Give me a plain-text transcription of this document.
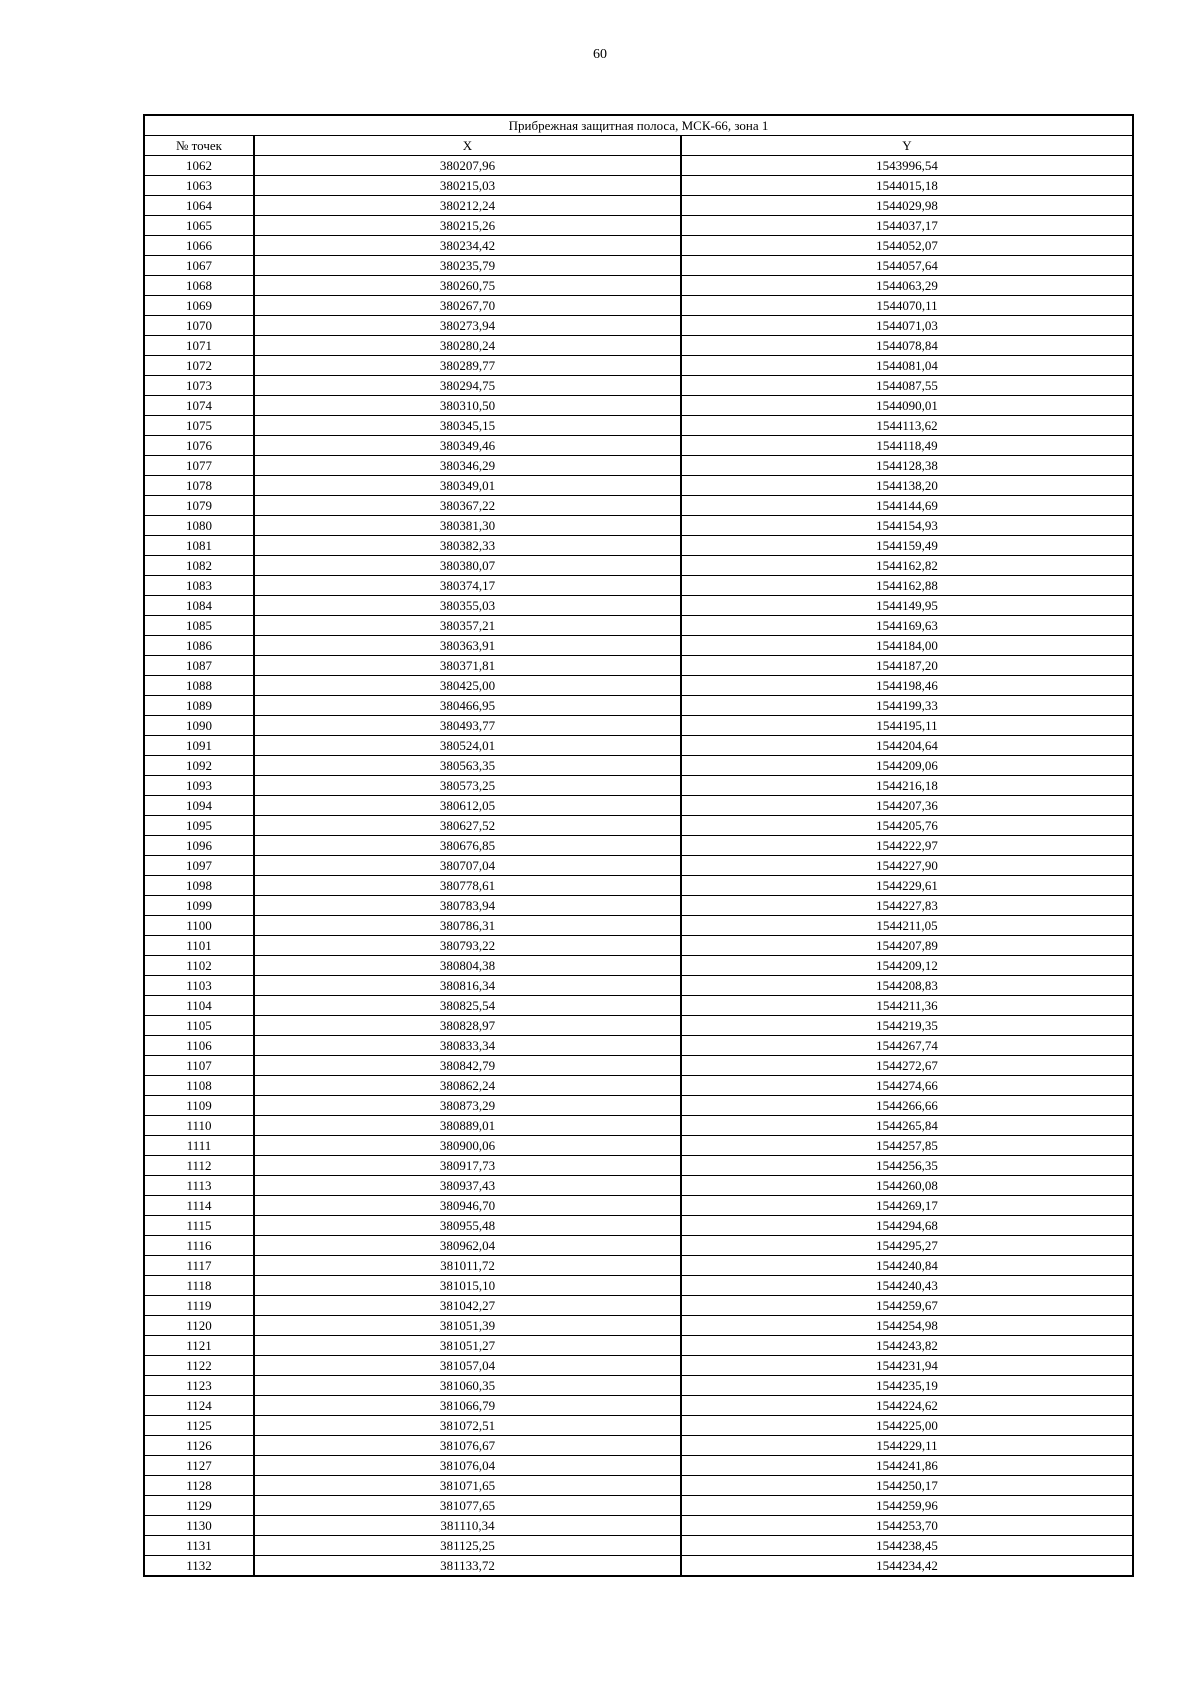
60
Прибрежная защитная полоса, МСК-66, зона 1		
№ точек	X	Y
1062	380207,96	1543996,54
1063	380215,03	1544015,18
1064	380212,24	1544029,98
1065	380215,26	1544037,17
1066	380234,42	1544052,07
1067	380235,79	1544057,64
1068	380260,75	1544063,29
1069	380267,70	1544070,11
1070	380273,94	1544071,03
1071	380280,24	1544078,84
1072	380289,77	1544081,04
1073	380294,75	1544087,55
1074	380310,50	1544090,01
1075	380345,15	1544113,62
1076	380349,46	1544118,49
1077	380346,29	1544128,38
1078	380349,01	1544138,20
1079	380367,22	1544144,69
1080	380381,30	1544154,93
1081	380382,33	1544159,49
1082	380380,07	1544162,82
1083	380374,17	1544162,88
1084	380355,03	1544149,95
1085	380357,21	1544169,63
1086	380363,91	1544184,00
1087	380371,81	1544187,20
1088	380425,00	1544198,46
1089	380466,95	1544199,33
1090	380493,77	1544195,11
1091	380524,01	1544204,64
1092	380563,35	1544209,06
1093	380573,25	1544216,18
1094	380612,05	1544207,36
1095	380627,52	1544205,76
1096	380676,85	1544222,97
1097	380707,04	1544227,90
1098	380778,61	1544229,61
1099	380783,94	1544227,83
1100	380786,31	1544211,05
1101	380793,22	1544207,89
1102	380804,38	1544209,12
1103	380816,34	1544208,83
1104	380825,54	1544211,36
1105	380828,97	1544219,35
1106	380833,34	1544267,74
1107	380842,79	1544272,67
1108	380862,24	1544274,66
1109	380873,29	1544266,66
1110	380889,01	1544265,84
1111	380900,06	1544257,85
1112	380917,73	1544256,35
1113	380937,43	1544260,08
1114	380946,70	1544269,17
1115	380955,48	1544294,68
1116	380962,04	1544295,27
1117	381011,72	1544240,84
1118	381015,10	1544240,43
1119	381042,27	1544259,67
1120	381051,39	1544254,98
1121	381051,27	1544243,82
1122	381057,04	1544231,94
1123	381060,35	1544235,19
1124	381066,79	1544224,62
1125	381072,51	1544225,00
1126	381076,67	1544229,11
1127	381076,04	1544241,86
1128	381071,65	1544250,17
1129	381077,65	1544259,96
1130	381110,34	1544253,70
1131	381125,25	1544238,45
1132	381133,72	1544234,42
